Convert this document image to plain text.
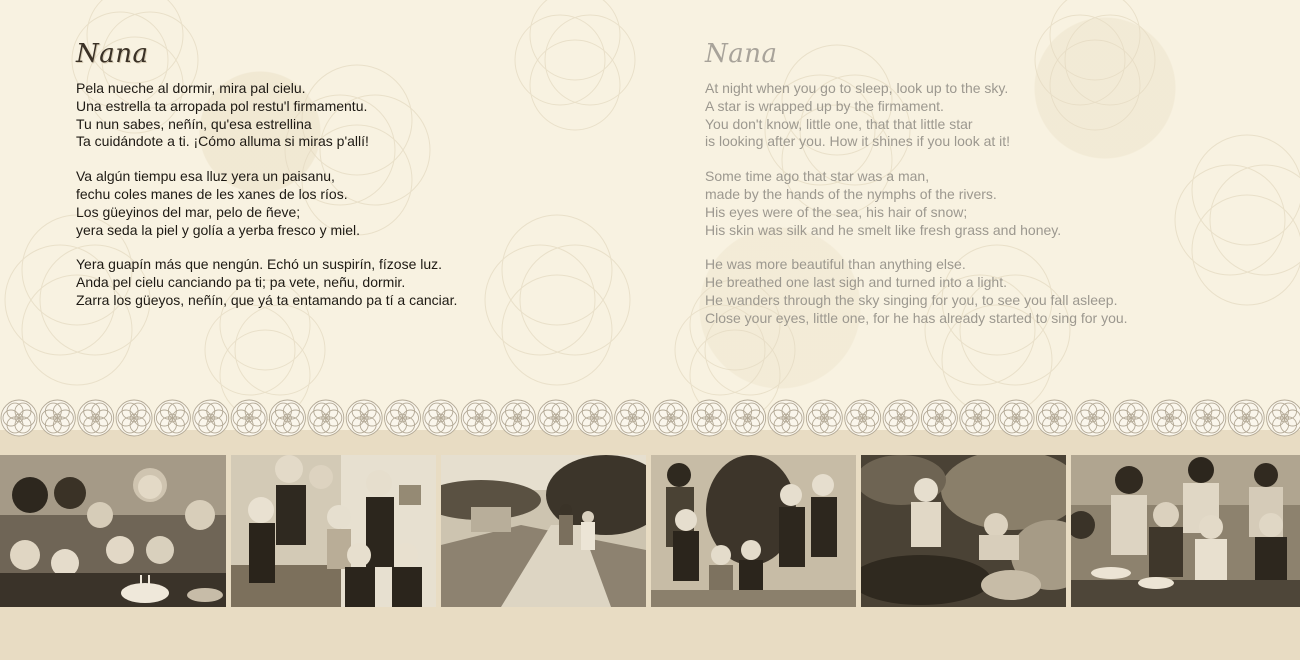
Nana
Pela nueche al dormir, mira pal cielu.
Una estrella ta arropada pol restu'l firmamentu.
Tu nun sabes, neñín, qu'esa estrellina
Ta cuidándote a ti. ¡Cómo alluma si miras p'allí!
Va algún tiempu esa lluz yera un paisanu,
fechu coles manes de les xanes de los ríos.
Los güeyinos del mar, pelo de ñeve;
yera seda la piel y golía a yerba fresco y miel.
Yera guapín más que nengún. Echó un suspirín, fízose luz.
Anda pel cielu canciando pa ti; pa vete, neñu, dormir.
Zarra los güeyos, neñín, que yá ta entamando pa tí a canciar.
Nana
At night when you go to sleep, look up to the sky.
A star is wrapped up by the firmament.
You don't know, little one, that that little star
is looking after you. How it shines if you look at it!
Some time ago that star was a man,
made by the hands of the nymphs of the rivers.
His eyes were of the sea, his hair of snow;
His skin was silk and he smelt like fresh grass and honey.
He was more beautiful than anything else.
He breathed one last sigh and turned into a light.
He wanders through the sky singing for you, to see you fall asleep.
Close your eyes, little one, for he has already started to sing for you.
